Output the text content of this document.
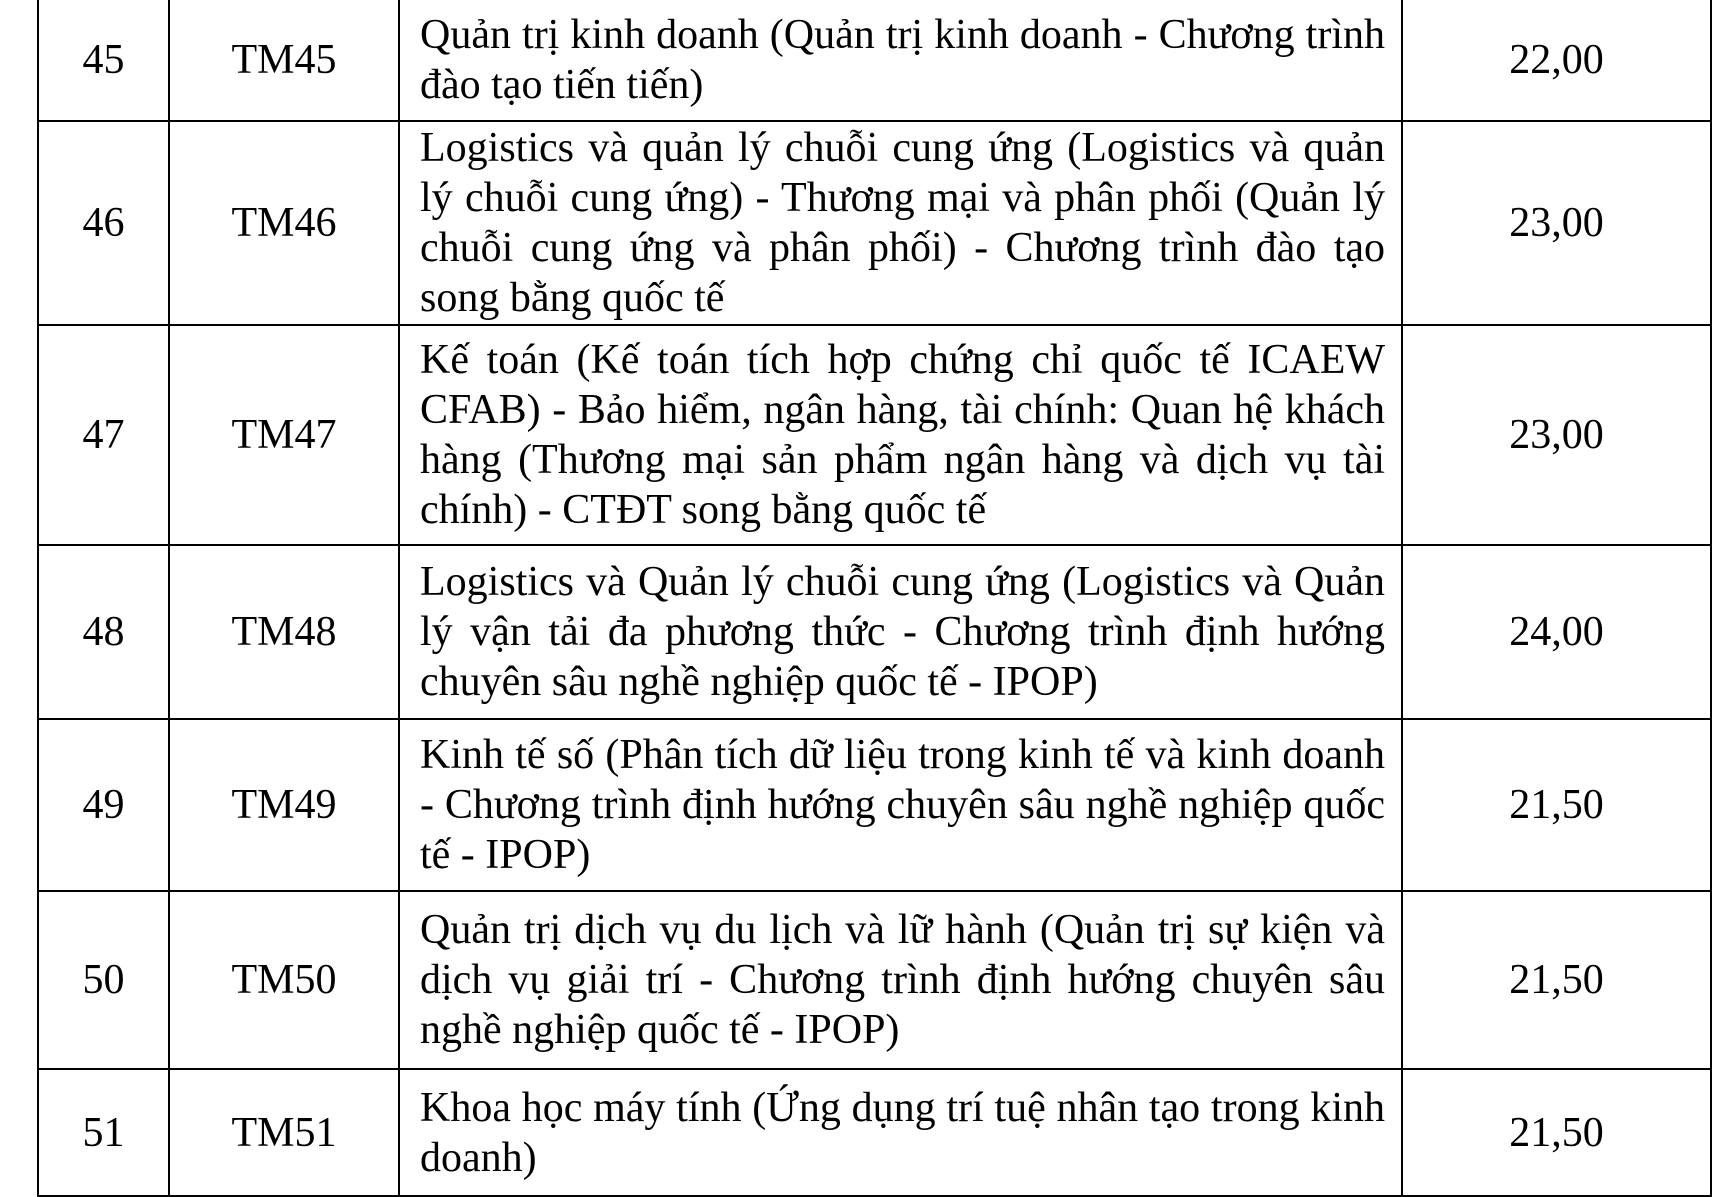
45	TM45	Quản trị kinh doanh (Quản trị kinh doanh - Chương trình đào tạo tiến tiến)	22,00
46	TM46	Logistics và quản lý chuỗi cung ứng (Logistics và quản lý chuỗi cung ứng) - Thương mại và phân phối (Quản lý chuỗi cung ứng và phân phối) - Chương trình đào tạo song bằng quốc tế	23,00
47	TM47	Kế toán (Kế toán tích hợp chứng chỉ quốc tế ICAEW CFAB) - Bảo hiểm, ngân hàng, tài chính: Quan hệ khách hàng (Thương mại sản phẩm ngân hàng và dịch vụ tài chính) - CTĐT song bằng quốc tế	23,00
48	TM48	Logistics và Quản lý chuỗi cung ứng (Logistics và Quản lý vận tải đa phương thức - Chương trình định hướng chuyên sâu nghề nghiệp quốc tế - IPOP)	24,00
49	TM49	Kinh tế số (Phân tích dữ liệu trong kinh tế và kinh doanh - Chương trình định hướng chuyên sâu nghề nghiệp quốc tế - IPOP)	21,50
50	TM50	Quản trị dịch vụ du lịch và lữ hành (Quản trị sự kiện và dịch vụ giải trí - Chương trình định hướng chuyên sâu nghề nghiệp quốc tế - IPOP)	21,50
51	TM51	Khoa học máy tính (Ứng dụng trí tuệ nhân tạo trong kinh doanh)	21,50
